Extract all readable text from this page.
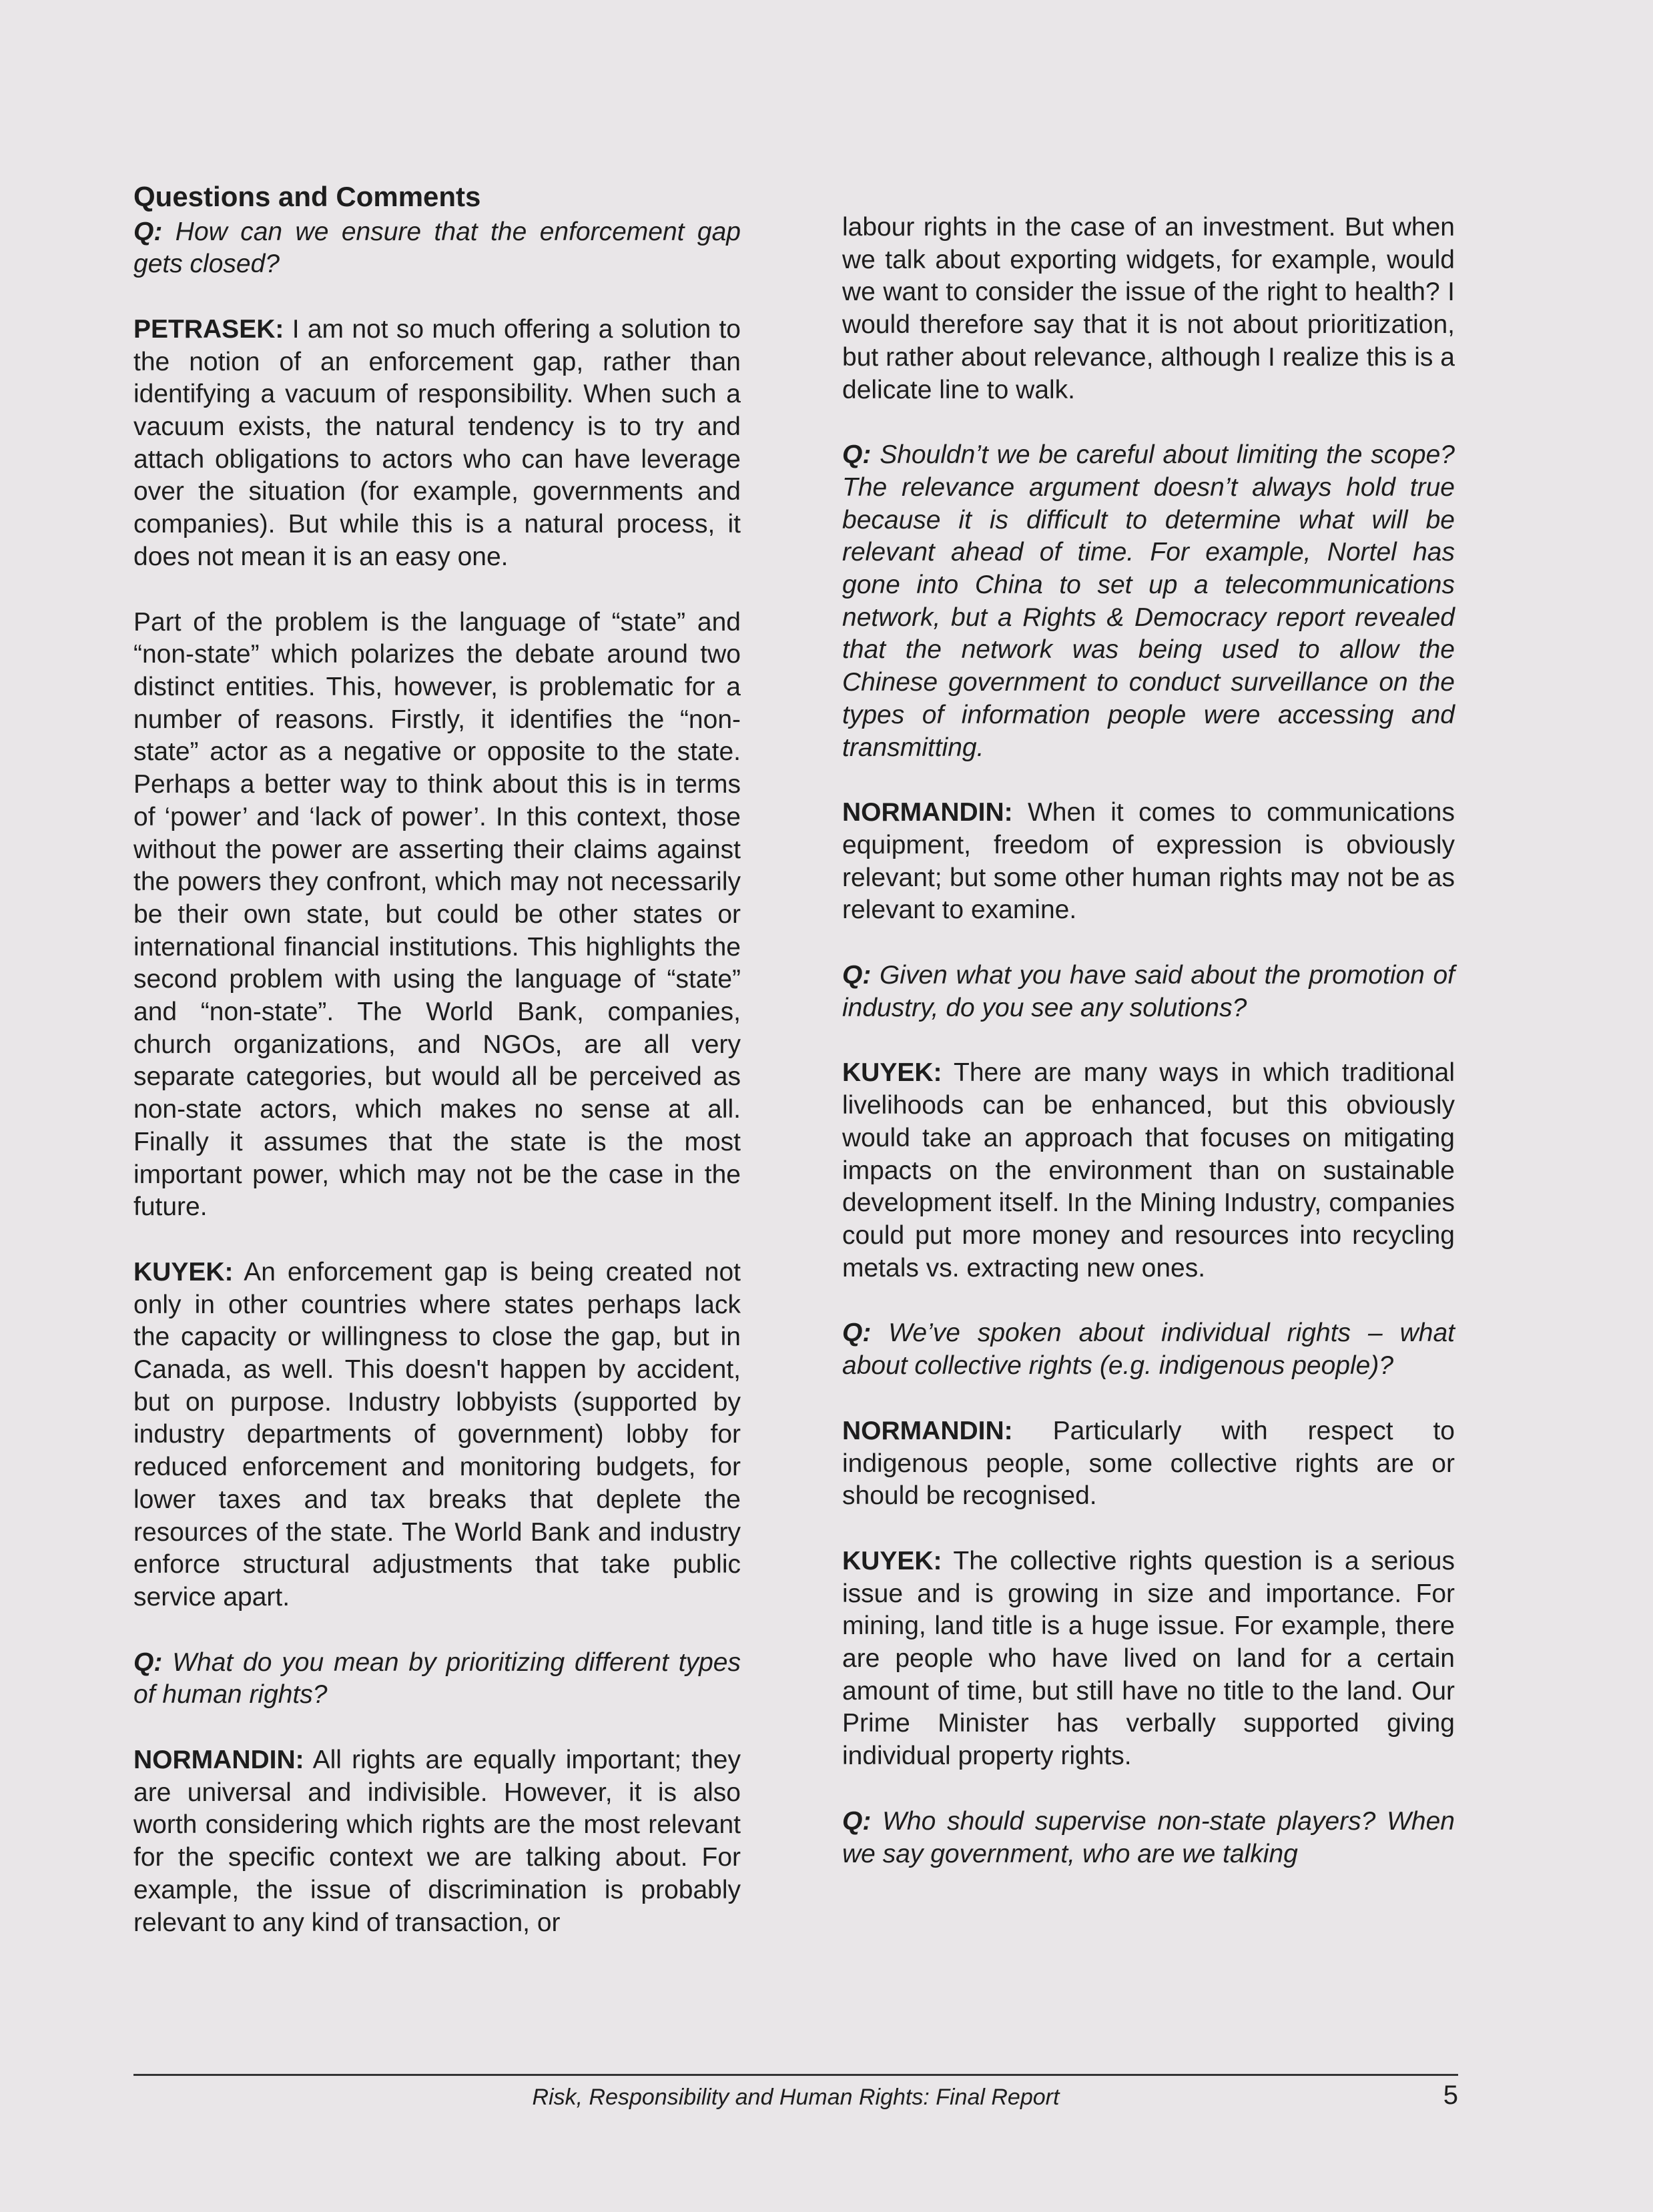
Questions and Comments

Q: How can we ensure that the enforcement gap gets closed?

PETRASEK: I am not so much offering a solution to the notion of an enforcement gap, rather than identifying a vacuum of responsibility. When such a vacuum exists, the natural tendency is to try and attach obligations to actors who can have leverage over the situation (for example, governments and companies). But while this is a natural process, it does not mean it is an easy one.

Part of the problem is the language of “state” and “non-state” which polarizes the debate around two distinct entities. This, however, is problematic for a number of reasons. Firstly, it identifies the “non-state” actor as a negative or opposite to the state. Perhaps a better way to think about this is in terms of ‘power’ and ‘lack of power’. In this context, those without the power are asserting their claims against the powers they confront, which may not necessarily be their own state, but could be other states or international financial institutions. This highlights the second problem with using the language of “state” and “non-state”. The World Bank, companies, church organizations, and NGOs, are all very separate categories, but would all be perceived as non-state actors, which makes no sense at all. Finally it assumes that the state is the most important power, which may not be the case in the future.

KUYEK: An enforcement gap is being created not only in other countries where states perhaps lack the capacity or willingness to close the gap, but in Canada, as well. This doesn't happen by accident, but on purpose. Industry lobbyists (supported by industry departments of government) lobby for reduced enforcement and monitoring budgets, for lower taxes and tax breaks that deplete the resources of the state. The World Bank and industry enforce structural adjustments that take public service apart.

Q: What do you mean by prioritizing different types of human rights?

NORMANDIN: All rights are equally important; they are universal and indivisible. However, it is also worth considering which rights are the most relevant for the specific context we are talking about. For example, the issue of discrimination is probably relevant to any kind of transaction, or

labour rights in the case of an investment. But when we talk about exporting widgets, for example, would we want to consider the issue of the right to health? I would therefore say that it is not about prioritization, but rather about relevance, although I realize this is a delicate line to walk.

Q: Shouldn’t we be careful about limiting the scope? The relevance argument doesn’t always hold true because it is difficult to determine what will be relevant ahead of time. For example, Nortel has gone into China to set up a telecommunications network, but a Rights & Democracy report revealed that the network was being used to allow the Chinese government to conduct surveillance on the types of information people were accessing and transmitting.

NORMANDIN: When it comes to communications equipment, freedom of expression is obviously relevant; but some other human rights may not be as relevant to examine.

Q: Given what you have said about the promotion of industry, do you see any solutions?

KUYEK: There are many ways in which traditional livelihoods can be enhanced, but this obviously would take an approach that focuses on mitigating impacts on the environment than on sustainable development itself. In the Mining Industry, companies could put more money and resources into recycling metals vs. extracting new ones.

Q: We’ve spoken about individual rights – what about collective rights (e.g. indigenous people)?

NORMANDIN: Particularly with respect to indigenous people, some collective rights are or should be recognised.

KUYEK: The collective rights question is a serious issue and is growing in size and importance. For mining, land title is a huge issue. For example, there are people who have lived on land for a certain amount of time, but still have no title to the land. Our Prime Minister has verbally supported giving individual property rights.

Q: Who should supervise non-state players? When we say government, who are we talking

Risk, Responsibility and Human Rights: Final Report	5
